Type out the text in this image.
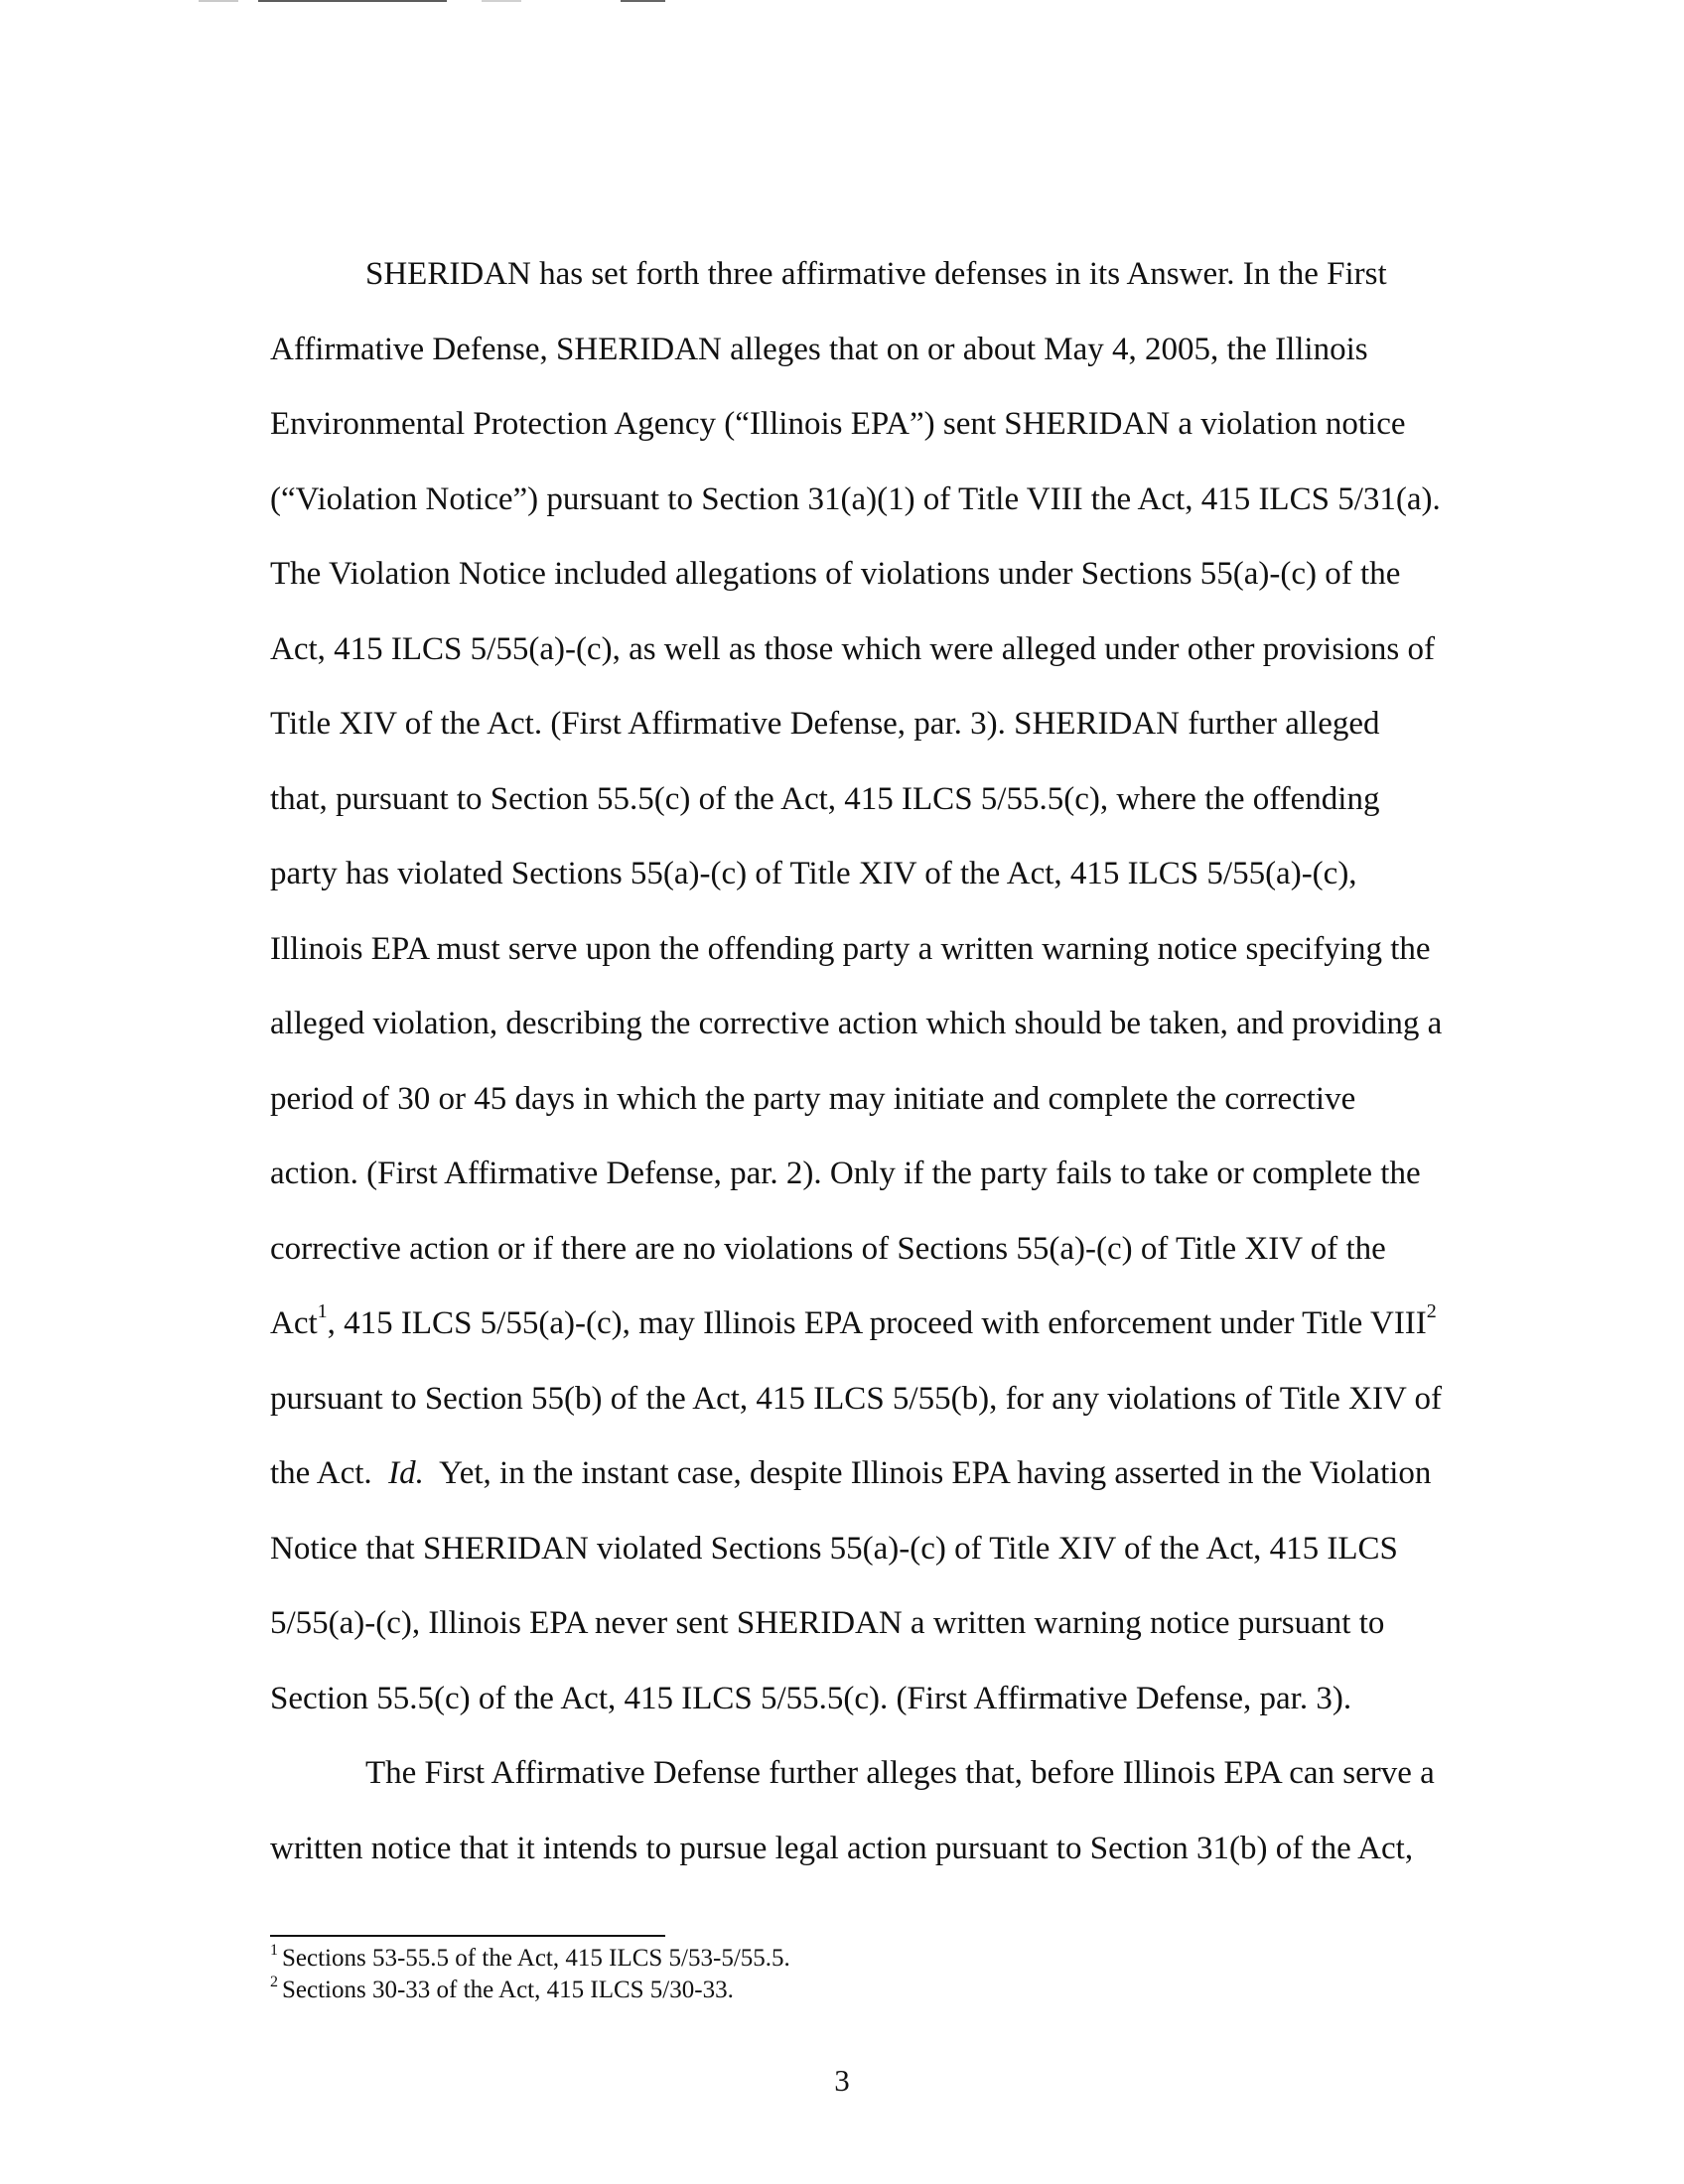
SHERIDAN has set forth three affirmative defenses in its Answer. In the First
Affirmative Defense, SHERIDAN alleges that on or about May 4, 2005, the Illinois
Environmental Protection Agency (“Illinois EPA”) sent SHERIDAN a violation notice
(“Violation Notice”) pursuant to Section 31(a)(1) of Title VIII the Act, 415 ILCS 5/31(a).
The Violation Notice included allegations of violations under Sections 55(a)-(c) of the
Act, 415 ILCS 5/55(a)-(c), as well as those which were alleged under other provisions of
Title XIV of the Act. (First Affirmative Defense, par. 3). SHERIDAN further alleged
that, pursuant to Section 55.5(c) of the Act, 415 ILCS 5/55.5(c), where the offending
party has violated Sections 55(a)-(c) of Title XIV of the Act, 415 ILCS 5/55(a)-(c),
Illinois EPA must serve upon the offending party a written warning notice specifying the
alleged violation, describing the corrective action which should be taken, and providing a
period of 30 or 45 days in which the party may initiate and complete the corrective
action. (First Affirmative Defense, par. 2). Only if the party fails to take or complete the
corrective action or if there are no violations of Sections 55(a)-(c) of Title XIV of the
Act$^1$, 415 ILCS 5/55(a)-(c), may Illinois EPA proceed with enforcement under Title VIII$^2$
pursuant to Section 55(b) of the Act, 415 ILCS 5/55(b), for any violations of Title XIV of
the Act.  Id.  Yet, in the instant case, despite Illinois EPA having asserted in the Violation
Notice that SHERIDAN violated Sections 55(a)-(c) of Title XIV of the Act, 415 ILCS
5/55(a)-(c), Illinois EPA never sent SHERIDAN a written warning notice pursuant to
Section 55.5(c) of the Act, 415 ILCS 5/55.5(c). (First Affirmative Defense, par. 3).
The First Affirmative Defense further alleges that, before Illinois EPA can serve a
written notice that it intends to pursue legal action pursuant to Section 31(b) of the Act,
$^1$ Sections 53-55.5 of the Act, 415 ILCS 5/53-5/55.5.
$^2$ Sections 30-33 of the Act, 415 ILCS 5/30-33.
3
